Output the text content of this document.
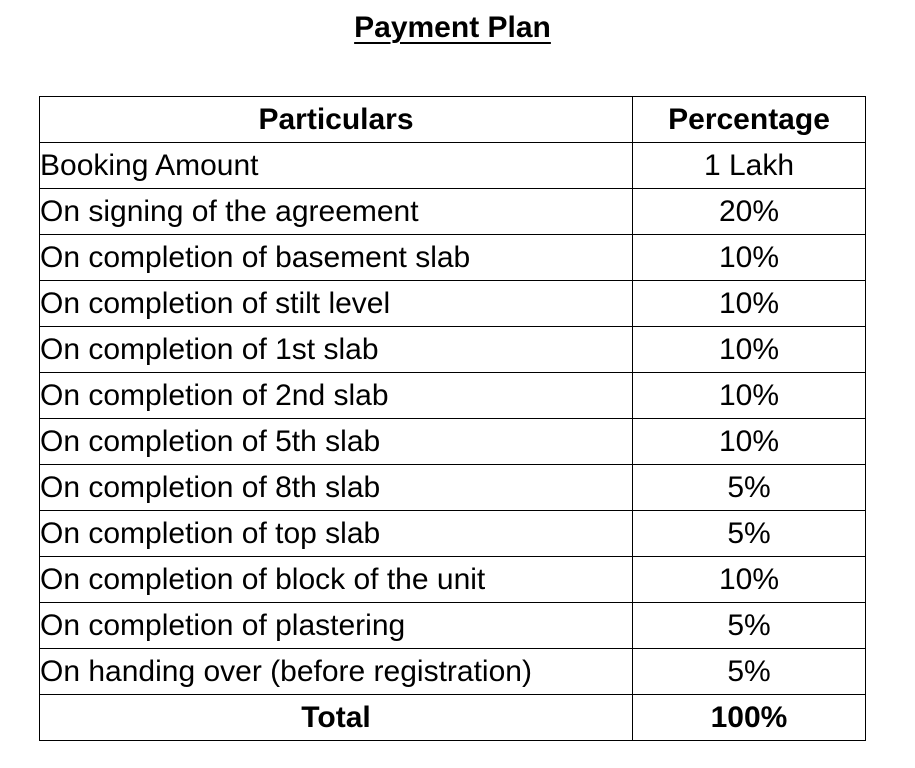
Payment Plan
Particulars	Percentage
Booking Amount	1 Lakh
On signing of the agreement	20%
On completion of basement slab	10%
On completion of stilt level	10%
On completion of 1st slab	10%
On completion of 2nd slab	10%
On completion of 5th slab	10%
On completion of 8th slab	5%
On completion of top slab	5%
On completion of block of the unit	10%
On completion of plastering	5%
On handing over (before registration)	5%
Total	100%
